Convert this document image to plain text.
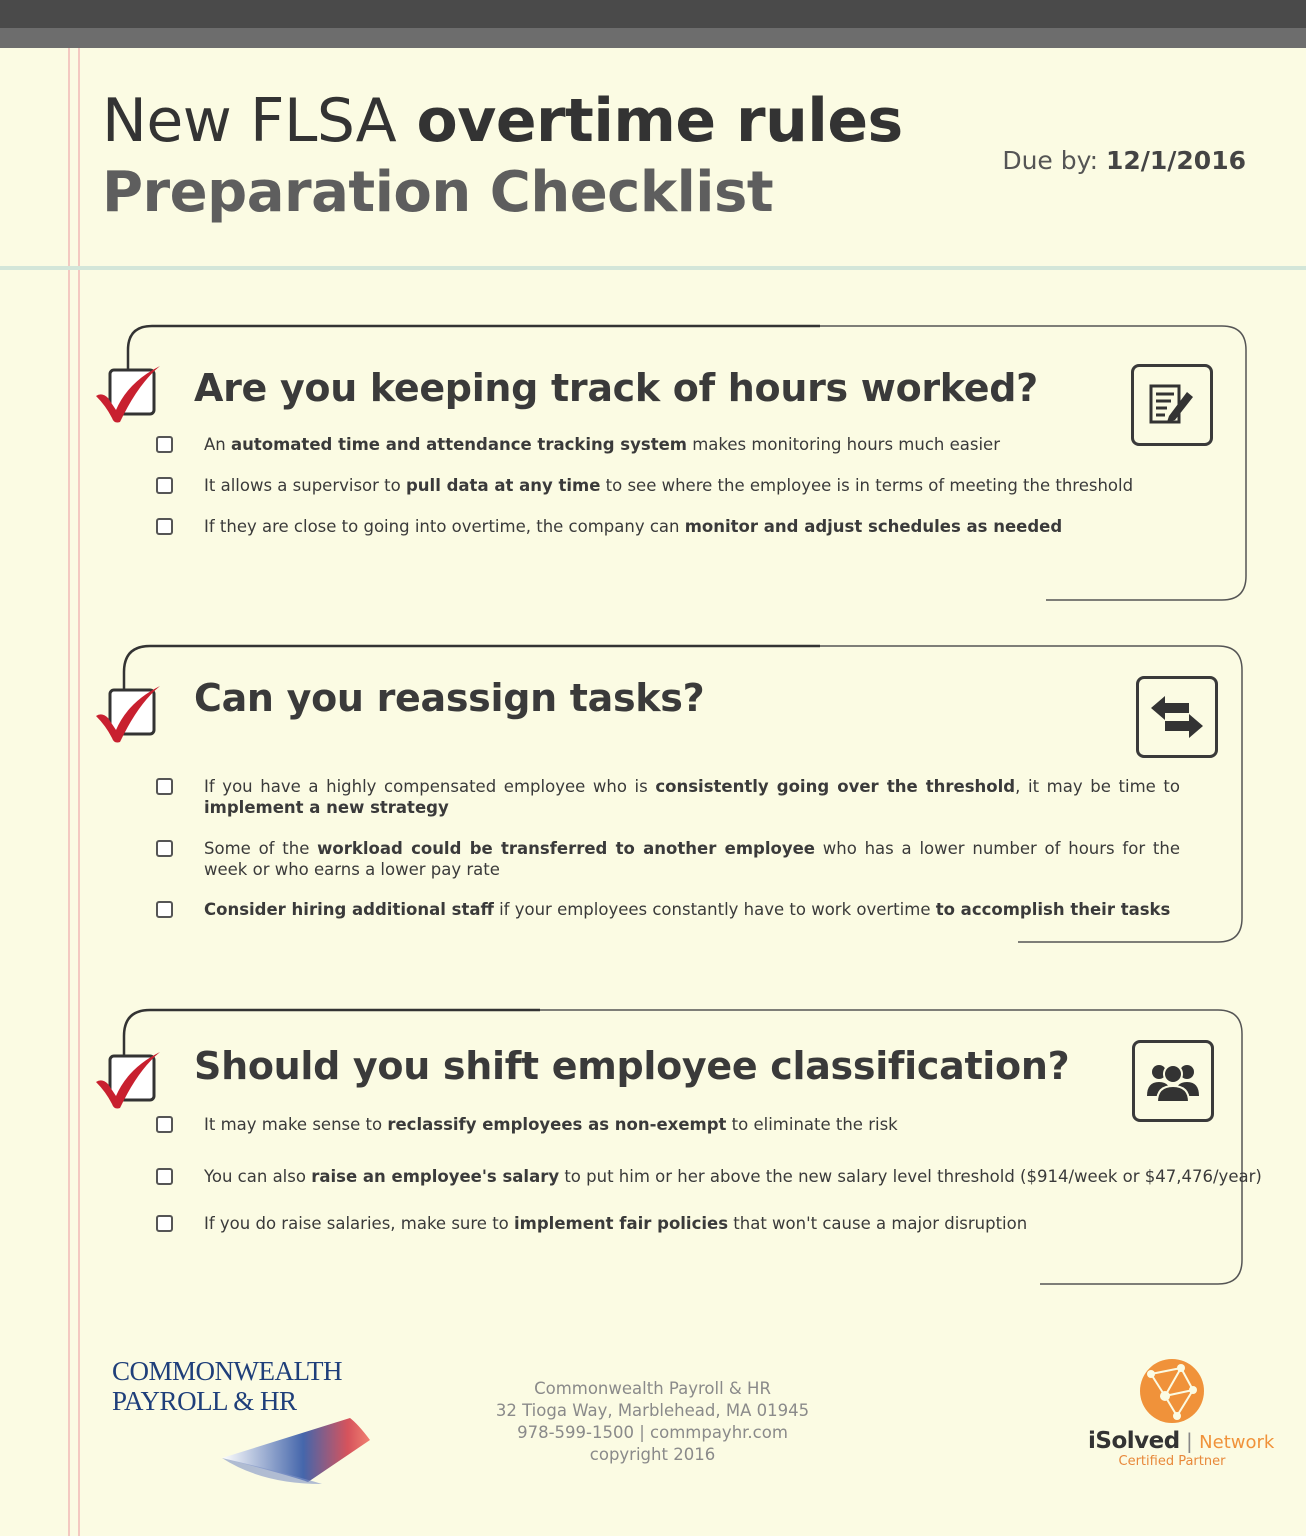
New FLSA overtime rules
Preparation Checklist	Due by: 12/1/2016
Are you keeping track of hours worked?
An automated time and attendance tracking system makes monitoring hours much easier
It allows a supervisor to pull data at any time to see where the employee is in terms of meeting the threshold
If they are close to going into overtime, the company can monitor and adjust schedules as needed
Can you reassign tasks?
If you have a highly compensated employee who is consistently going over the threshold, it may be time to implement a new strategy
Some of the workload could be transferred to another employee who has a lower number of hours for the week or who earns a lower pay rate
Consider hiring additional staff if your employees constantly have to work overtime to accomplish their tasks
Should you shift employee classification?
It may make sense to reclassify employees as non-exempt to eliminate the risk
You can also raise an employee's salary to put him or her above the new salary level threshold ($914/week or $47,476/year)
If you do raise salaries, make sure to implement fair policies that won't cause a major disruption
COMMONWEALTH
PAYROLL & HR	Commonwealth Payroll & HR
32 Tioga Way, Marblehead, MA 01945
978-599-1500 | commpayhr.com
copyright 2016
iSolved | Network
Certified Partner
